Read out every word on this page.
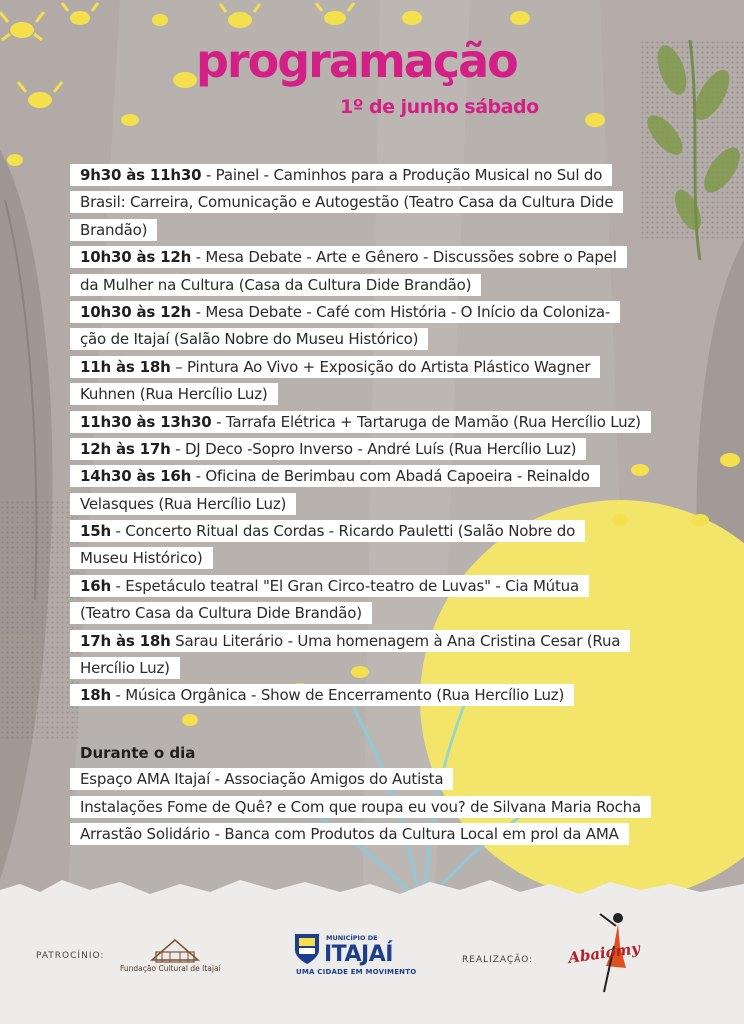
programação
1º de junho sábado
9h30 às 11h30 - Painel - Caminhos para a Produção Musical no Sul do
Brasil: Carreira, Comunicação e Autogestão (Teatro Casa da Cultura Dide
Brandão)
10h30 às 12h - Mesa Debate - Arte e Gênero - Discussões sobre o Papel
da Mulher na Cultura (Casa da Cultura Dide Brandão)
10h30 às 12h - Mesa Debate - Café com História - O Início da Coloniza-
ção de Itajaí (Salão Nobre do Museu Histórico)
11h às 18h – Pintura Ao Vivo + Exposição do Artista Plástico Wagner
Kuhnen (Rua Hercílio Luz)
11h30 às 13h30 - Tarrafa Elétrica + Tartaruga de Mamão (Rua Hercílio Luz)
12h às 17h - DJ Deco -Sopro Inverso - André Luís (Rua Hercílio Luz)
14h30 às 16h - Oficina de Berimbau com Abadá Capoeira - Reinaldo
Velasques (Rua Hercílio Luz)
15h - Concerto Ritual das Cordas - Ricardo Pauletti (Salão Nobre do
Museu Histórico)
16h - Espetáculo teatral "El Gran Circo-teatro de Luvas" - Cia Mútua
(Teatro Casa da Cultura Dide Brandão)
17h às 18h Sarau Literário - Uma homenagem à Ana Cristina Cesar (Rua
Hercílio Luz)
18h - Música Orgânica - Show de Encerramento (Rua Hercílio Luz)
Durante o dia
Espaço AMA Itajaí - Associação Amigos do Autista
Instalações Fome de Quê? e Com que roupa eu vou? de Silvana Maria Rocha
Arrastão Solidário - Banca com Produtos da Cultura Local em prol da AMA
PATROCÍNIO:
Fundação Cultural de Itajaí
MUNICÍPIO DE
ITAJAÍ
UMA CIDADE EM MOVIMENTO
REALIZAÇÃO: Abaiomy
